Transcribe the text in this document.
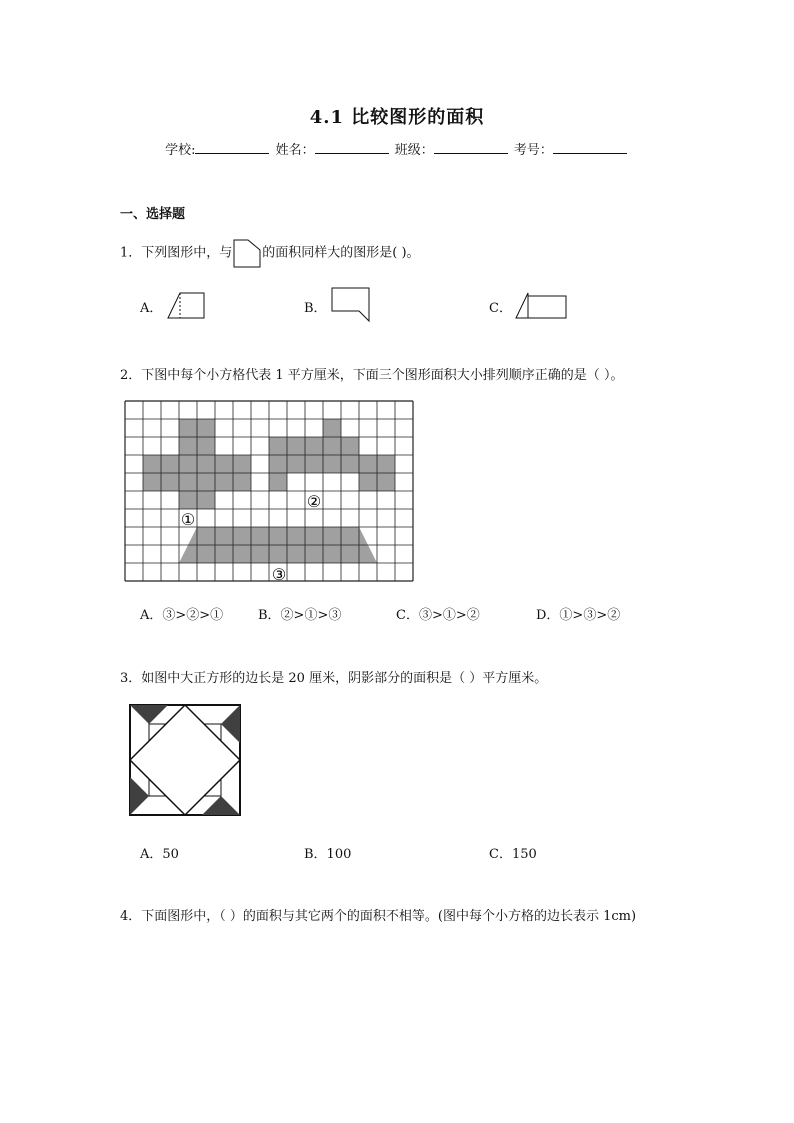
4.1 比较图形的面积
学校:	姓名：	班级：	考号：
一、选择题
1．下列图形中，与 的面积同样大的图形是( )。
A．	B．	C．
2．下图中每个小方格代表 1 平方厘米，下面三个图形面积大小排列顺序正确的是（ ）。
①
②
③
A．③>②>①	B．②>①>③	C．③>①>②	D．①>③>②
3．如图中大正方形的边长是 20 厘米，阴影部分的面积是（ ）平方厘米。
A．50	B．100	C．150
4．下面图形中，（ ）的面积与其它两个的面积不相等。(图中每个小方格的边长表示 1cm)
